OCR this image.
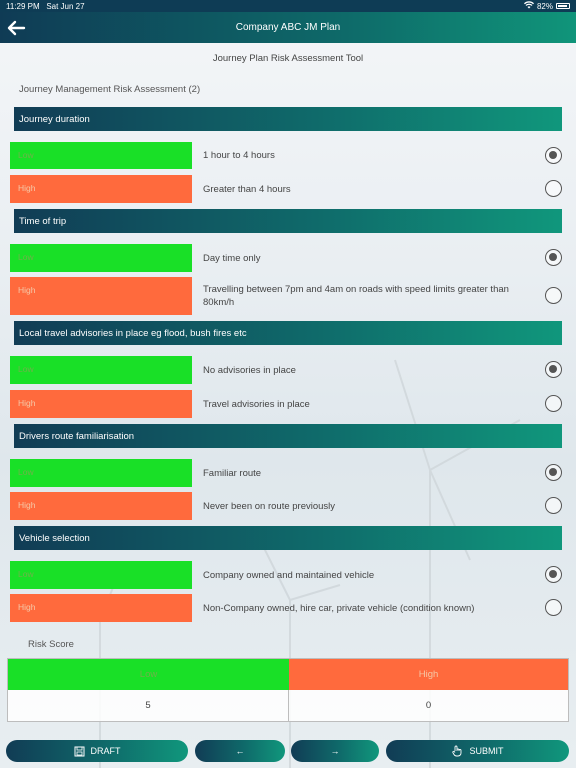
11:29 PM Sat Jun 27	82%
Company ABC JM Plan
Journey Plan Risk Assessment Tool
Journey Management Risk Assessment (2)
Journey duration
Low	1 hour to 4 hours
High	Greater than 4 hours
Time of trip
Low	Day time only
High	Travelling between 7pm and 4am on roads with speed limits greater than 80km/h
Local travel advisories in place eg flood, bush fires etc
Low	No advisories in place
High	Travel advisories in place
Drivers route familiarisation
Low	Familiar route
High	Never been on route previously
Vehicle selection
Low	Company owned and maintained vehicle
High	Non-Company owned, hire car, private vehicle (condition known)
Risk Score
Low	High
5	0
DRAFT	←	→	SUBMIT
